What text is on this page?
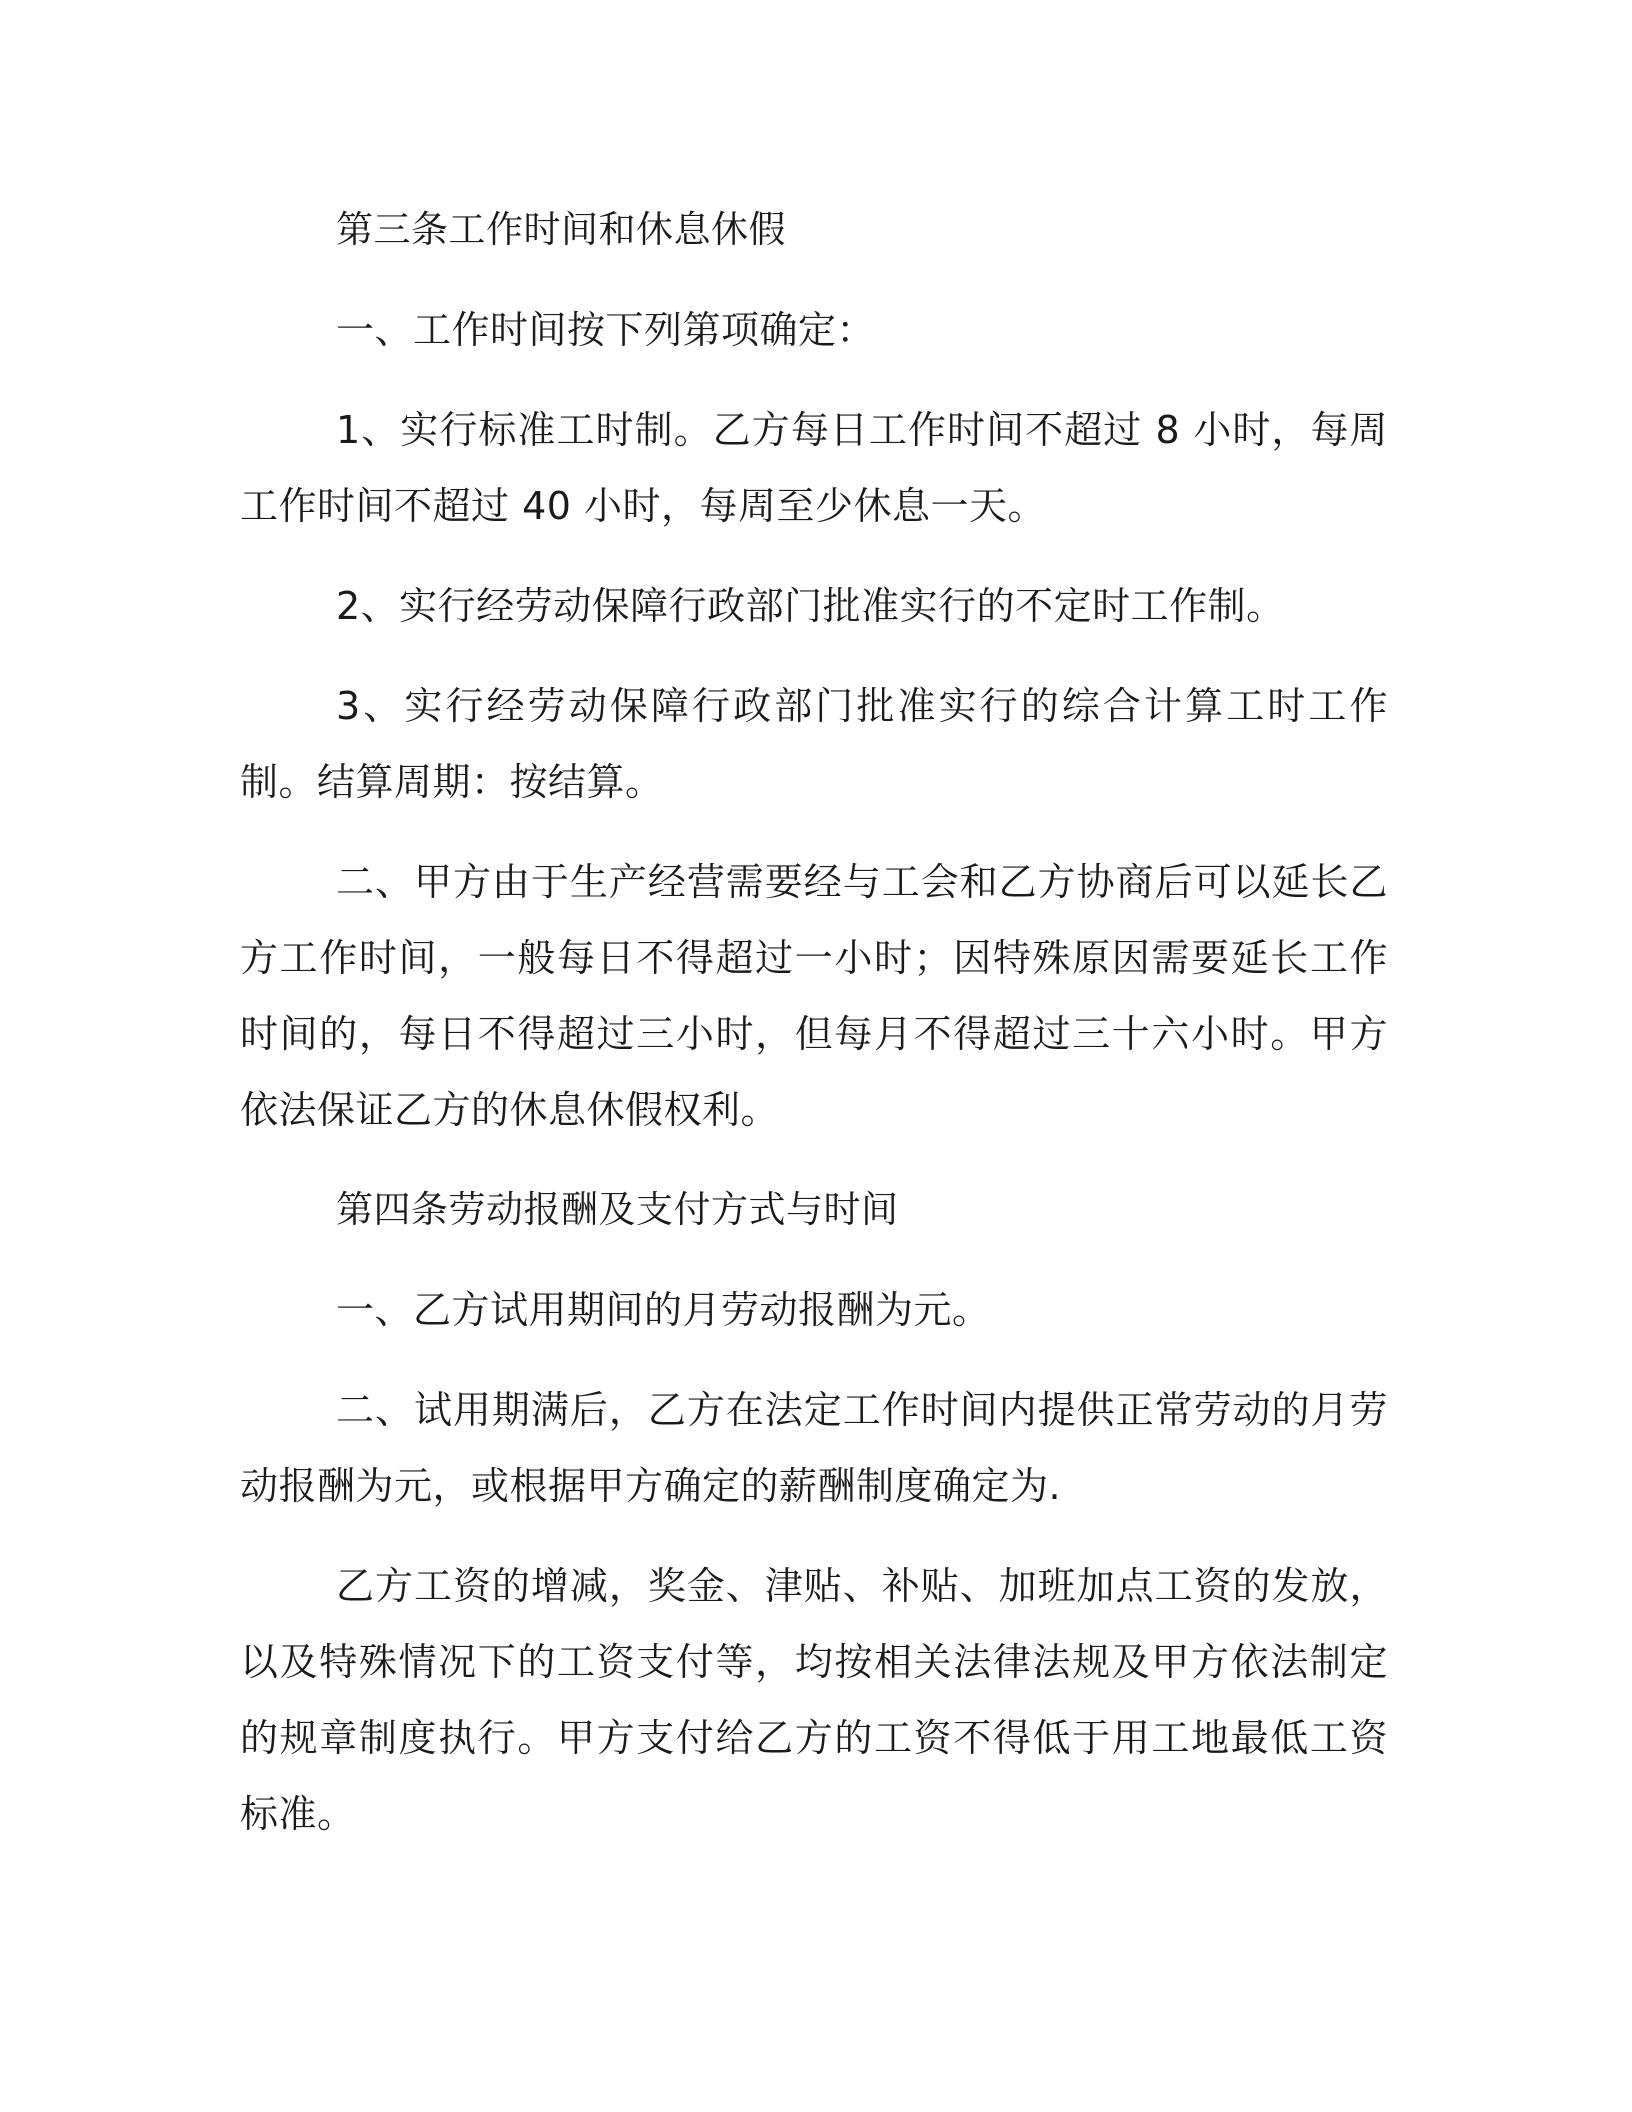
第三条工作时间和休息休假

一、工作时间按下列第项确定：

1、实行标准工时制。乙方每日工作时间不超过 8 小时，每周工作时间不超过 40 小时，每周至少休息一天。

2、实行经劳动保障行政部门批准实行的不定时工作制。

3、实行经劳动保障行政部门批准实行的综合计算工时工作制。结算周期：按结算。

二、甲方由于生产经营需要经与工会和乙方协商后可以延长乙方工作时间，一般每日不得超过一小时；因特殊原因需要延长工作时间的，每日不得超过三小时，但每月不得超过三十六小时。甲方依法保证乙方的休息休假权利。

第四条劳动报酬及支付方式与时间

一、乙方试用期间的月劳动报酬为元。

二、试用期满后，乙方在法定工作时间内提供正常劳动的月劳动报酬为元，或根据甲方确定的薪酬制度确定为.

乙方工资的增减，奖金、津贴、补贴、加班加点工资的发放，以及特殊情况下的工资支付等，均按相关法律法规及甲方依法制定的规章制度执行。甲方支付给乙方的工资不得低于用工地最低工资标准。
